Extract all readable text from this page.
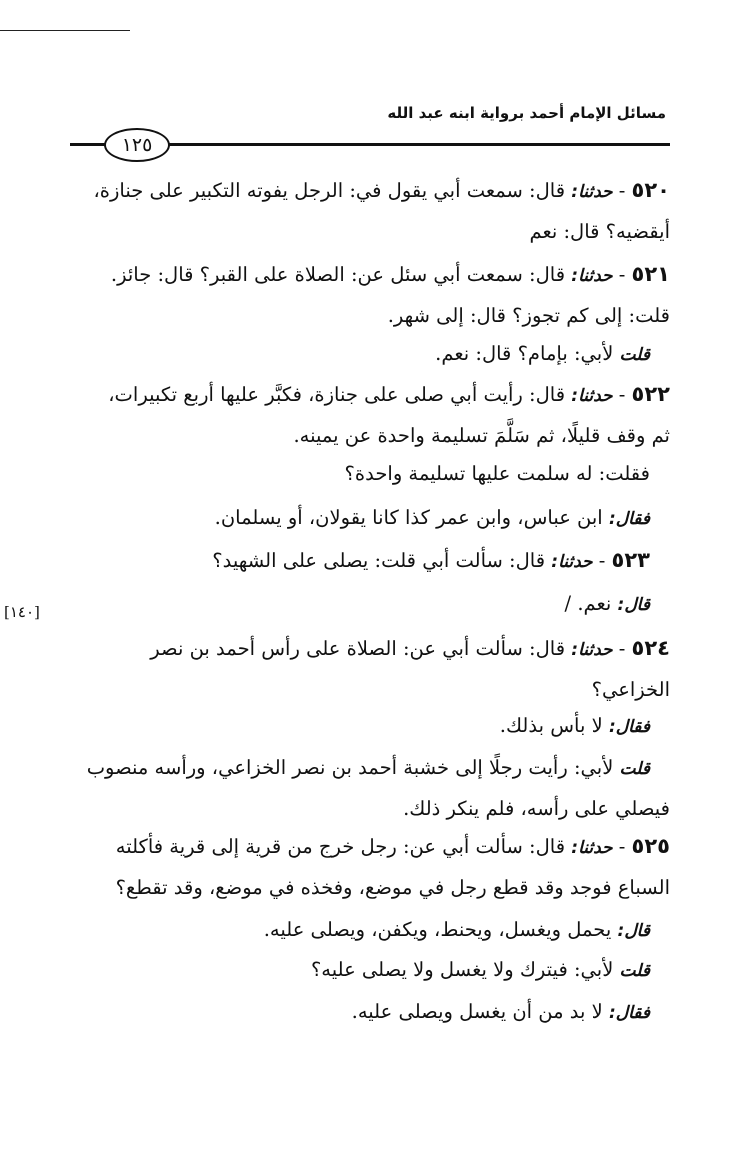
مسائل الإمام أحمد برواية ابنه عبد الله
١٢٥
[١٤٠]
٥٢٠ - حدثنا: قال: سمعت أبي يقول في: الرجل يفوته التكبير على جنازة،
أيقضيه؟ قال: نعم
٥٢١ - حدثنا: قال: سمعت أبي سئل عن: الصلاة على القبر؟ قال: جائز.
قلت: إلى كم تجوز؟ قال: إلى شهر.
قلت لأبي: بإمام؟ قال: نعم.
٥٢٢ - حدثنا: قال: رأيت أبي صلى على جنازة، فكبَّر عليها أربع تكبيرات،
ثم وقف قليلًا، ثم سَلَّمَ تسليمة واحدة عن يمينه.
فقلت: له سلمت عليها تسليمة واحدة؟
فقال: ابن عباس، وابن عمر كذا كانا يقولان، أو يسلمان.
٥٢٣ - حدثنا: قال: سألت أبي قلت: يصلى على الشهيد؟
قال: نعم. /
٥٢٤ - حدثنا: قال: سألت أبي عن: الصلاة على رأس أحمد بن نصر
الخزاعي؟
فقال: لا بأس بذلك.
قلت لأبي: رأيت رجلًا إلى خشبة أحمد بن نصر الخزاعي، ورأسه منصوب
فيصلي على رأسه، فلم ينكر ذلك.
٥٢٥ - حدثنا: قال: سألت أبي عن: رجل خرج من قرية إلى قرية فأكلته
السباع فوجد وقد قطع رجل في موضع، وفخذه في موضع، وقد تقطع؟
قال: يحمل ويغسل، ويحنط، ويكفن، ويصلى عليه.
قلت لأبي: فيترك ولا يغسل ولا يصلى عليه؟
فقال: لا بد من أن يغسل ويصلى عليه.
